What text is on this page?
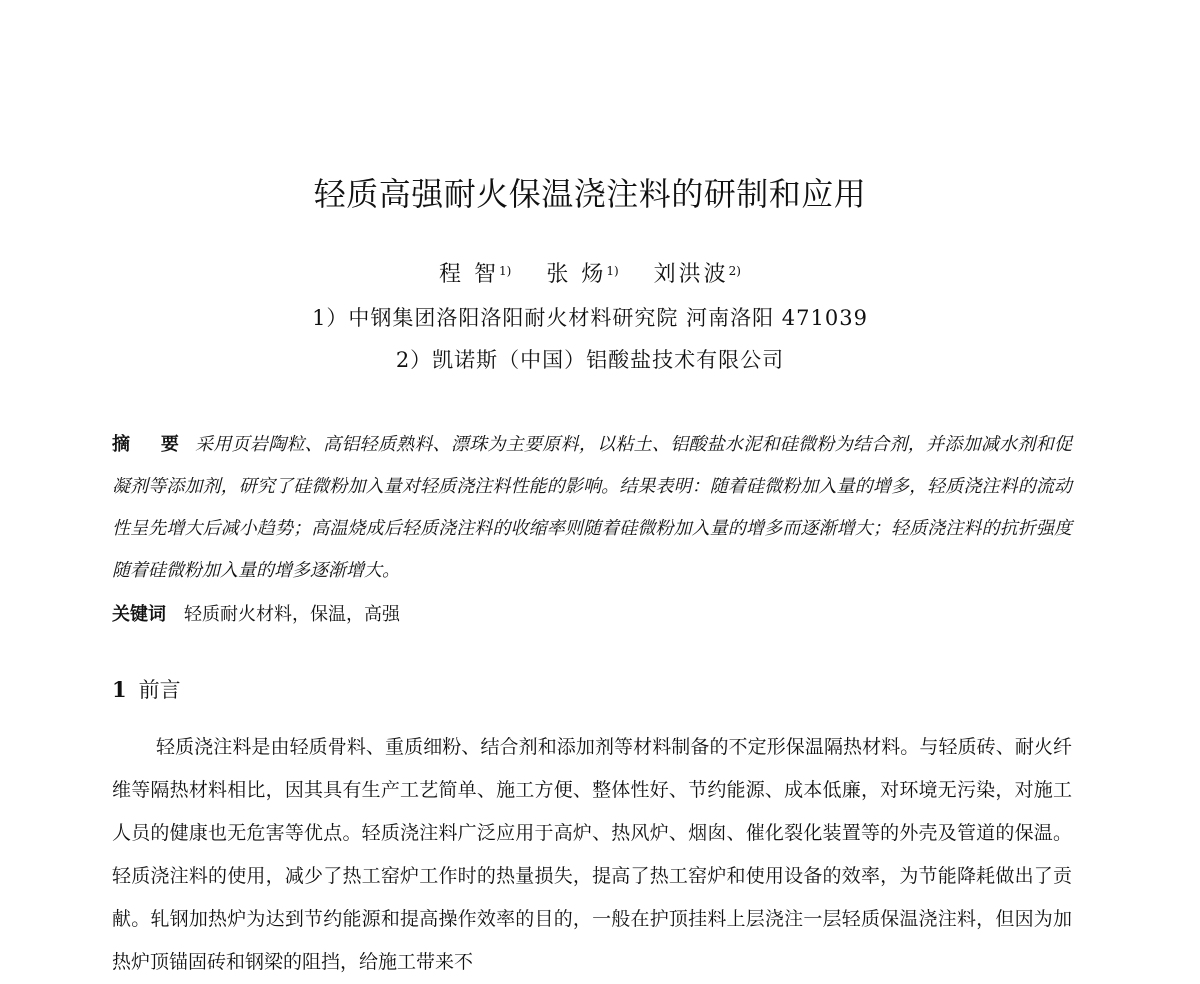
轻质高强耐火保温浇注料的研制和应用
程 智$^{1)}$ 张 炀$^{1)}$ 刘洪波$^{2)}$
1）中钢集团洛阳洛阳耐火材料研究院 河南洛阳 471039
2）凯诺斯（中国）铝酸盐技术有限公司
摘 要 采用页岩陶粒、高铝轻质熟料、漂珠为主要原料，以粘土、铝酸盐水泥和硅微粉为结合剂，并添加减水剂和促凝剂等添加剂，研究了硅微粉加入量对轻质浇注料性能的影响。结果表明：随着硅微粉加入量的增多，轻质浇注料的流动性呈先增大后减小趋势；高温烧成后轻质浇注料的收缩率则随着硅微粉加入量的增多而逐渐增大；轻质浇注料的抗折强度随着硅微粉加入量的增多逐渐增大。
关键词 轻质耐火材料，保温，高强
1 前言
轻质浇注料是由轻质骨料、重质细粉、结合剂和添加剂等材料制备的不定形保温隔热材料。与轻质砖、耐火纤维等隔热材料相比，因其具有生产工艺简单、施工方便、整体性好、节约能源、成本低廉，对环境无污染，对施工人员的健康也无危害等优点。轻质浇注料广泛应用于高炉、热风炉、烟囱、催化裂化装置等的外壳及管道的保温。轻质浇注料的使用，减少了热工窑炉工作时的热量损失，提高了热工窑炉和使用设备的效率，为节能降耗做出了贡献。轧钢加热炉为达到节约能源和提高操作效率的目的，一般在护顶挂料上层浇注一层轻质保温浇注料，但因为加热炉顶锚固砖和钢梁的阻挡，给施工带来不
